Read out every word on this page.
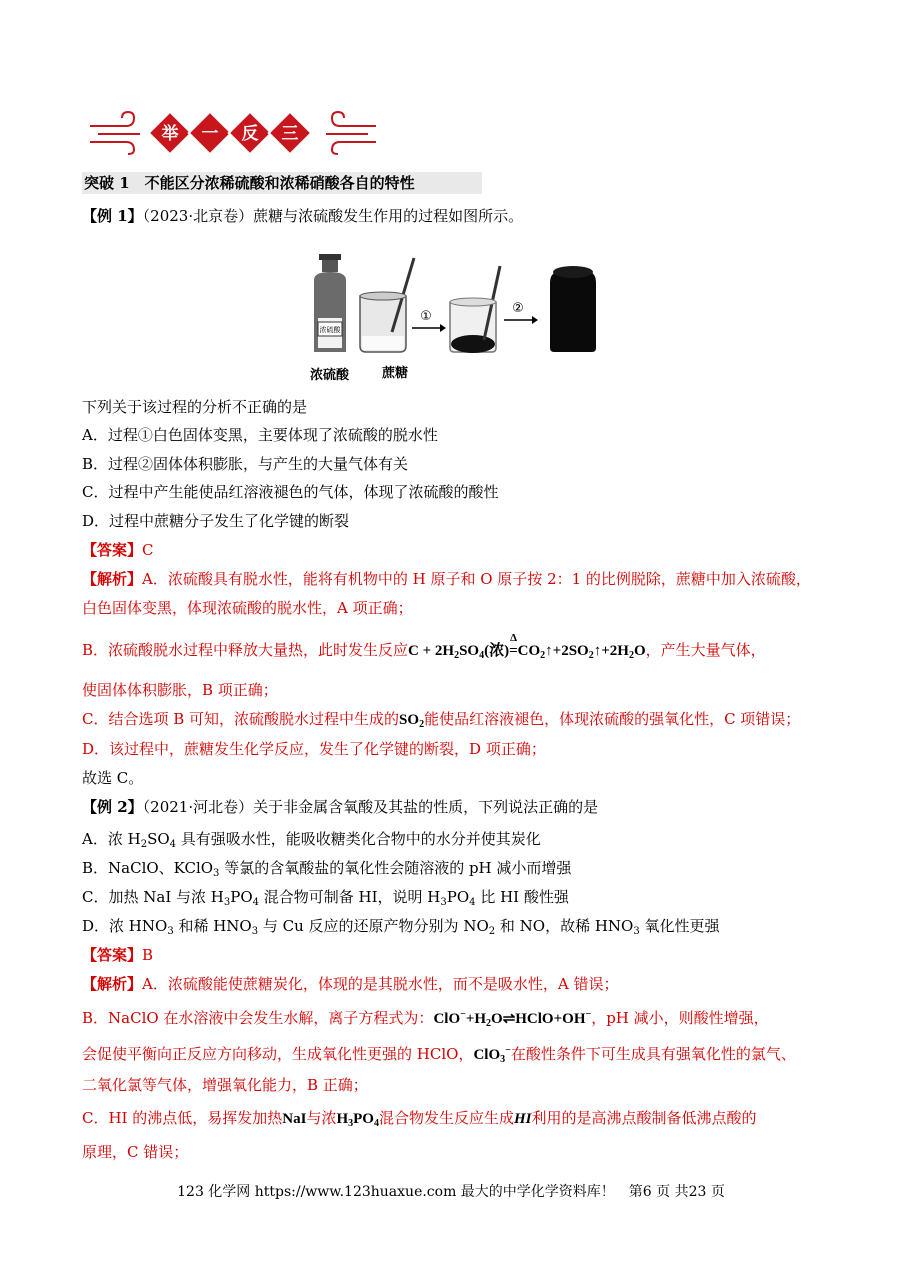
举 一 反 三
突破 1　不能区分浓稀硫酸和浓稀硝酸各自的特性
【例 1】（2023·北京卷）蔗糖与浓硫酸发生作用的过程如图所示。
浓硫酸
①
②
浓硫酸	蔗糖
下列关于该过程的分析不正确的是
A．过程①白色固体变黑，主要体现了浓硫酸的脱水性
B．过程②固体体积膨胀，与产生的大量气体有关
C．过程中产生能使品红溶液褪色的气体，体现了浓硫酸的酸性
D．过程中蔗糖分子发生了化学键的断裂
【答案】C
【解析】A．浓硫酸具有脱水性，能将有机物中的 H 原子和 O 原子按 2：1 的比例脱除，蔗糖中加入浓硫酸，
白色固体变黑，体现浓硫酸的脱水性，A 项正确；
B．浓硫酸脱水过程中释放大量热，此时发生反应$C + 2H_2SO_4$(浓)
Δ
$=CO_2↑+2SO_2↑+2H_2O$，产生大量气体，
使固体体积膨胀，B 项正确；
C．结合选项 B 可知，浓硫酸脱水过程中生成的$SO_2$能使品红溶液褪色，体现浓硫酸的强氧化性，C 项错误；
D．该过程中，蔗糖发生化学反应，发生了化学键的断裂，D 项正确；
故选 C。
【例 2】（2021·河北卷）关于非金属含氧酸及其盐的性质，下列说法正确的是
A．浓 $H_2SO_4$ 具有强吸水性，能吸收糖类化合物中的水分并使其炭化
B．NaClO、KClO$_3$ 等氯的含氧酸盐的氧化性会随溶液的 pH 减小而增强
C．加热 NaI 与浓 $H_3PO_4$ 混合物可制备 HI，说明 $H_3PO_4$ 比 HI 酸性强
D．浓 $HNO_3$ 和稀 $HNO_3$ 与 Cu 反应的还原产物分别为 $NO_2$ 和 NO，故稀 $HNO_3$ 氧化性更强
【答案】B
【解析】A．浓硫酸能使蔗糖炭化，体现的是其脱水性，而不是吸水性，A 错误；
B．NaClO 在水溶液中会发生水解，离子方程式为：$ClO^-+H_2O\rightleftharpoons HClO+OH^-$，pH 减小，则酸性增强，
会促使平衡向正反应方向移动，生成氧化性更强的 HClO，ClO$_3$−在酸性条件下可生成具有强氧化性的氯气、
二氧化氯等气体，增强氧化能力，B 正确；
C．HI 的沸点低，易挥发加热NaI与浓$H_3PO_4$混合物发生反应生成HI利用的是高沸点酸制备低沸点酸的
原理，C 错误；
123 化学网 https://www.123huaxue.com 最大的中学化学资料库！　第6 页 共23 页
